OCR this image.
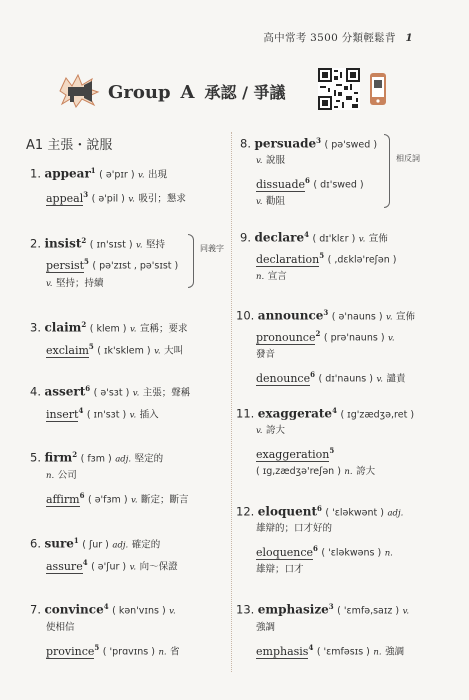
高中常考 3500 分類輕鬆背 1
Group A 承認 / 爭議
A1 主張・說服
1. appear$^1$ ( ə'pɪr ) v. 出現
appeal$^3$ ( ə'pil ) v. 吸引；懇求
2. insist$^2$ ( ɪn'sɪst ) v. 堅持
persist$^5$ ( pə'zɪst , pə'sɪst )
v. 堅持；持續
同義字
3. claim$^2$ ( klem ) v. 宣稱；要求
exclaim$^5$ ( ɪk'sklem ) v. 大叫
4. assert$^6$ ( ə'sɜt ) v. 主張；聲稱
insert$^4$ ( ɪn'sɜt ) v. 插入
5. firm$^2$ ( fɜm ) adj. 堅定的
n. 公司
affirm$^6$ ( ə'fɜm ) v. 斷定；斷言
6. sure$^1$ ( ʃur ) adj. 確定的
assure$^4$ ( ə'ʃur ) v. 向～保證
7. convince$^4$ ( kən'vɪns ) v.
使相信
province$^5$ ( 'prɑvɪns ) n. 省
8. persuade$^3$ ( pə'swed )
v. 說服
dissuade$^6$ ( dɪ'swed )
v. 勸阻
相反詞
9. declare$^4$ ( dɪ'klɛr ) v. 宣佈
declaration$^5$ ( ,dɛklə'reʃən )
n. 宣言
10. announce$^3$ ( ə'nauns ) v. 宣佈
pronounce$^2$ ( prə'nauns ) v.
發音
denounce$^6$ ( dɪ'nauns ) v. 譴責
11. exaggerate$^4$ ( ɪg'zædʒə,ret )
v. 誇大
exaggeration$^5$
( ɪg,zædʒə'reʃən ) n. 誇大
12. eloquent$^6$ ( 'ɛləkwənt ) adj.
雄辯的；口才好的
eloquence$^6$ ( 'ɛləkwəns ) n.
雄辯；口才
13. emphasize$^3$ ( 'ɛmfə,saɪz ) v.
強調
emphasis$^4$ ( 'ɛmfəsɪs ) n. 強調
